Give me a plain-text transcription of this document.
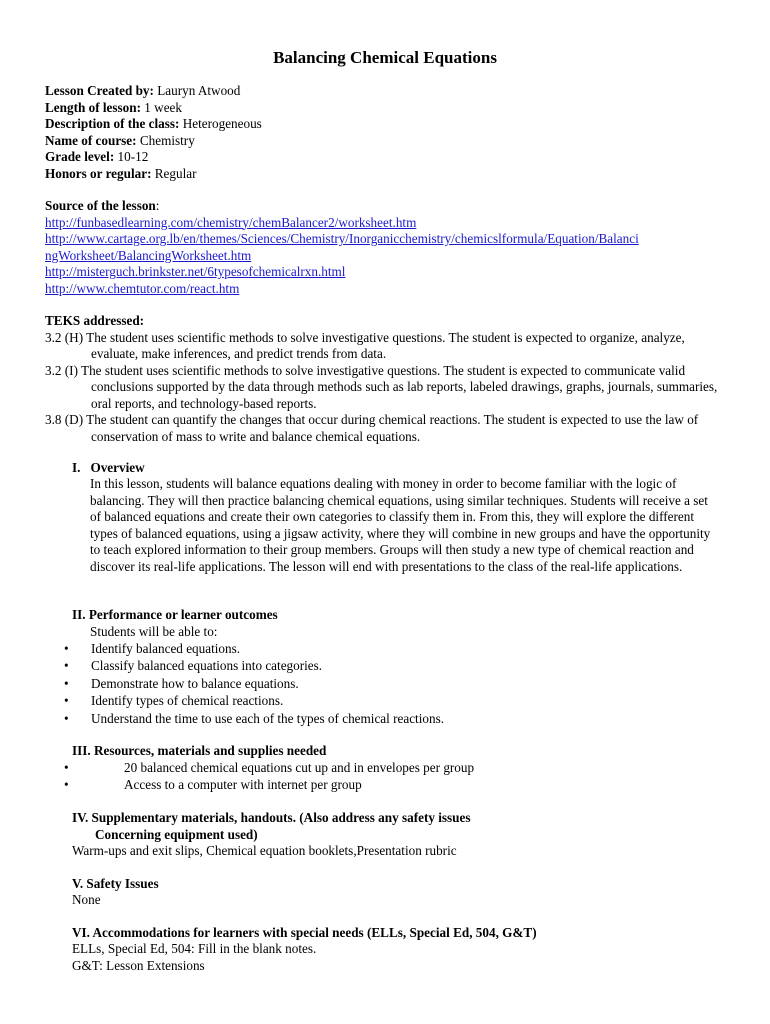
Balancing Chemical Equations
Lesson Created by: Lauryn Atwood
Length of lesson: 1 week
Description of the class: Heterogeneous
Name of course: Chemistry
Grade level: 10-12
Honors or regular: Regular
Source of the lesson:
http://funbasedlearning.com/chemistry/chemBalancer2/worksheet.htm
http://www.cartage.org.lb/en/themes/Sciences/Chemistry/Inorganicchemistry/chemicslformula/Equation/Balanci
ngWorksheet/BalancingWorksheet.htm
http://misterguch.brinkster.net/6typesofchemicalrxn.html
http://www.chemtutor.com/react.htm
TEKS addressed:
3.2 (H) The student uses scientific methods to solve investigative questions. The student is expected to organize, analyze, evaluate, make inferences, and predict trends from data.
3.2 (I) The student uses scientific methods to solve investigative questions. The student is expected to communicate valid conclusions supported by the data through methods such as lab reports, labeled drawings, graphs, journals, summaries, oral reports, and technology-based reports.
3.8 (D) The student can quantify the changes that occur during chemical reactions. The student is expected to use the law of conservation of mass to write and balance chemical equations.
I. Overview
In this lesson, students will balance equations dealing with money in order to become familiar with the logic of balancing. They will then practice balancing chemical equations, using similar techniques. Students will receive a set of balanced equations and create their own categories to classify them in. From this, they will explore the different types of balanced equations, using a jigsaw activity, where they will combine in new groups and have the opportunity to teach explored information to their group members. Groups will then study a new type of chemical reaction and discover its real-life applications. The lesson will end with presentations to the class of the real-life applications.
II. Performance or learner outcomes
Students will be able to:
• Identify balanced equations.
• Classify balanced equations into categories.
• Demonstrate how to balance equations.
• Identify types of chemical reactions.
• Understand the time to use each of the types of chemical reactions.
III. Resources, materials and supplies needed
•	20 balanced chemical equations cut up and in envelopes per group
•	Access to a computer with internet per group
IV. Supplementary materials, handouts. (Also address any safety issues
Concerning equipment used)
Warm-ups and exit slips, Chemical equation booklets,Presentation rubric
V. Safety Issues
None
VI. Accommodations for learners with special needs (ELLs, Special Ed, 504, G&T)
ELLs, Special Ed, 504: Fill in the blank notes.
G&T: Lesson Extensions
